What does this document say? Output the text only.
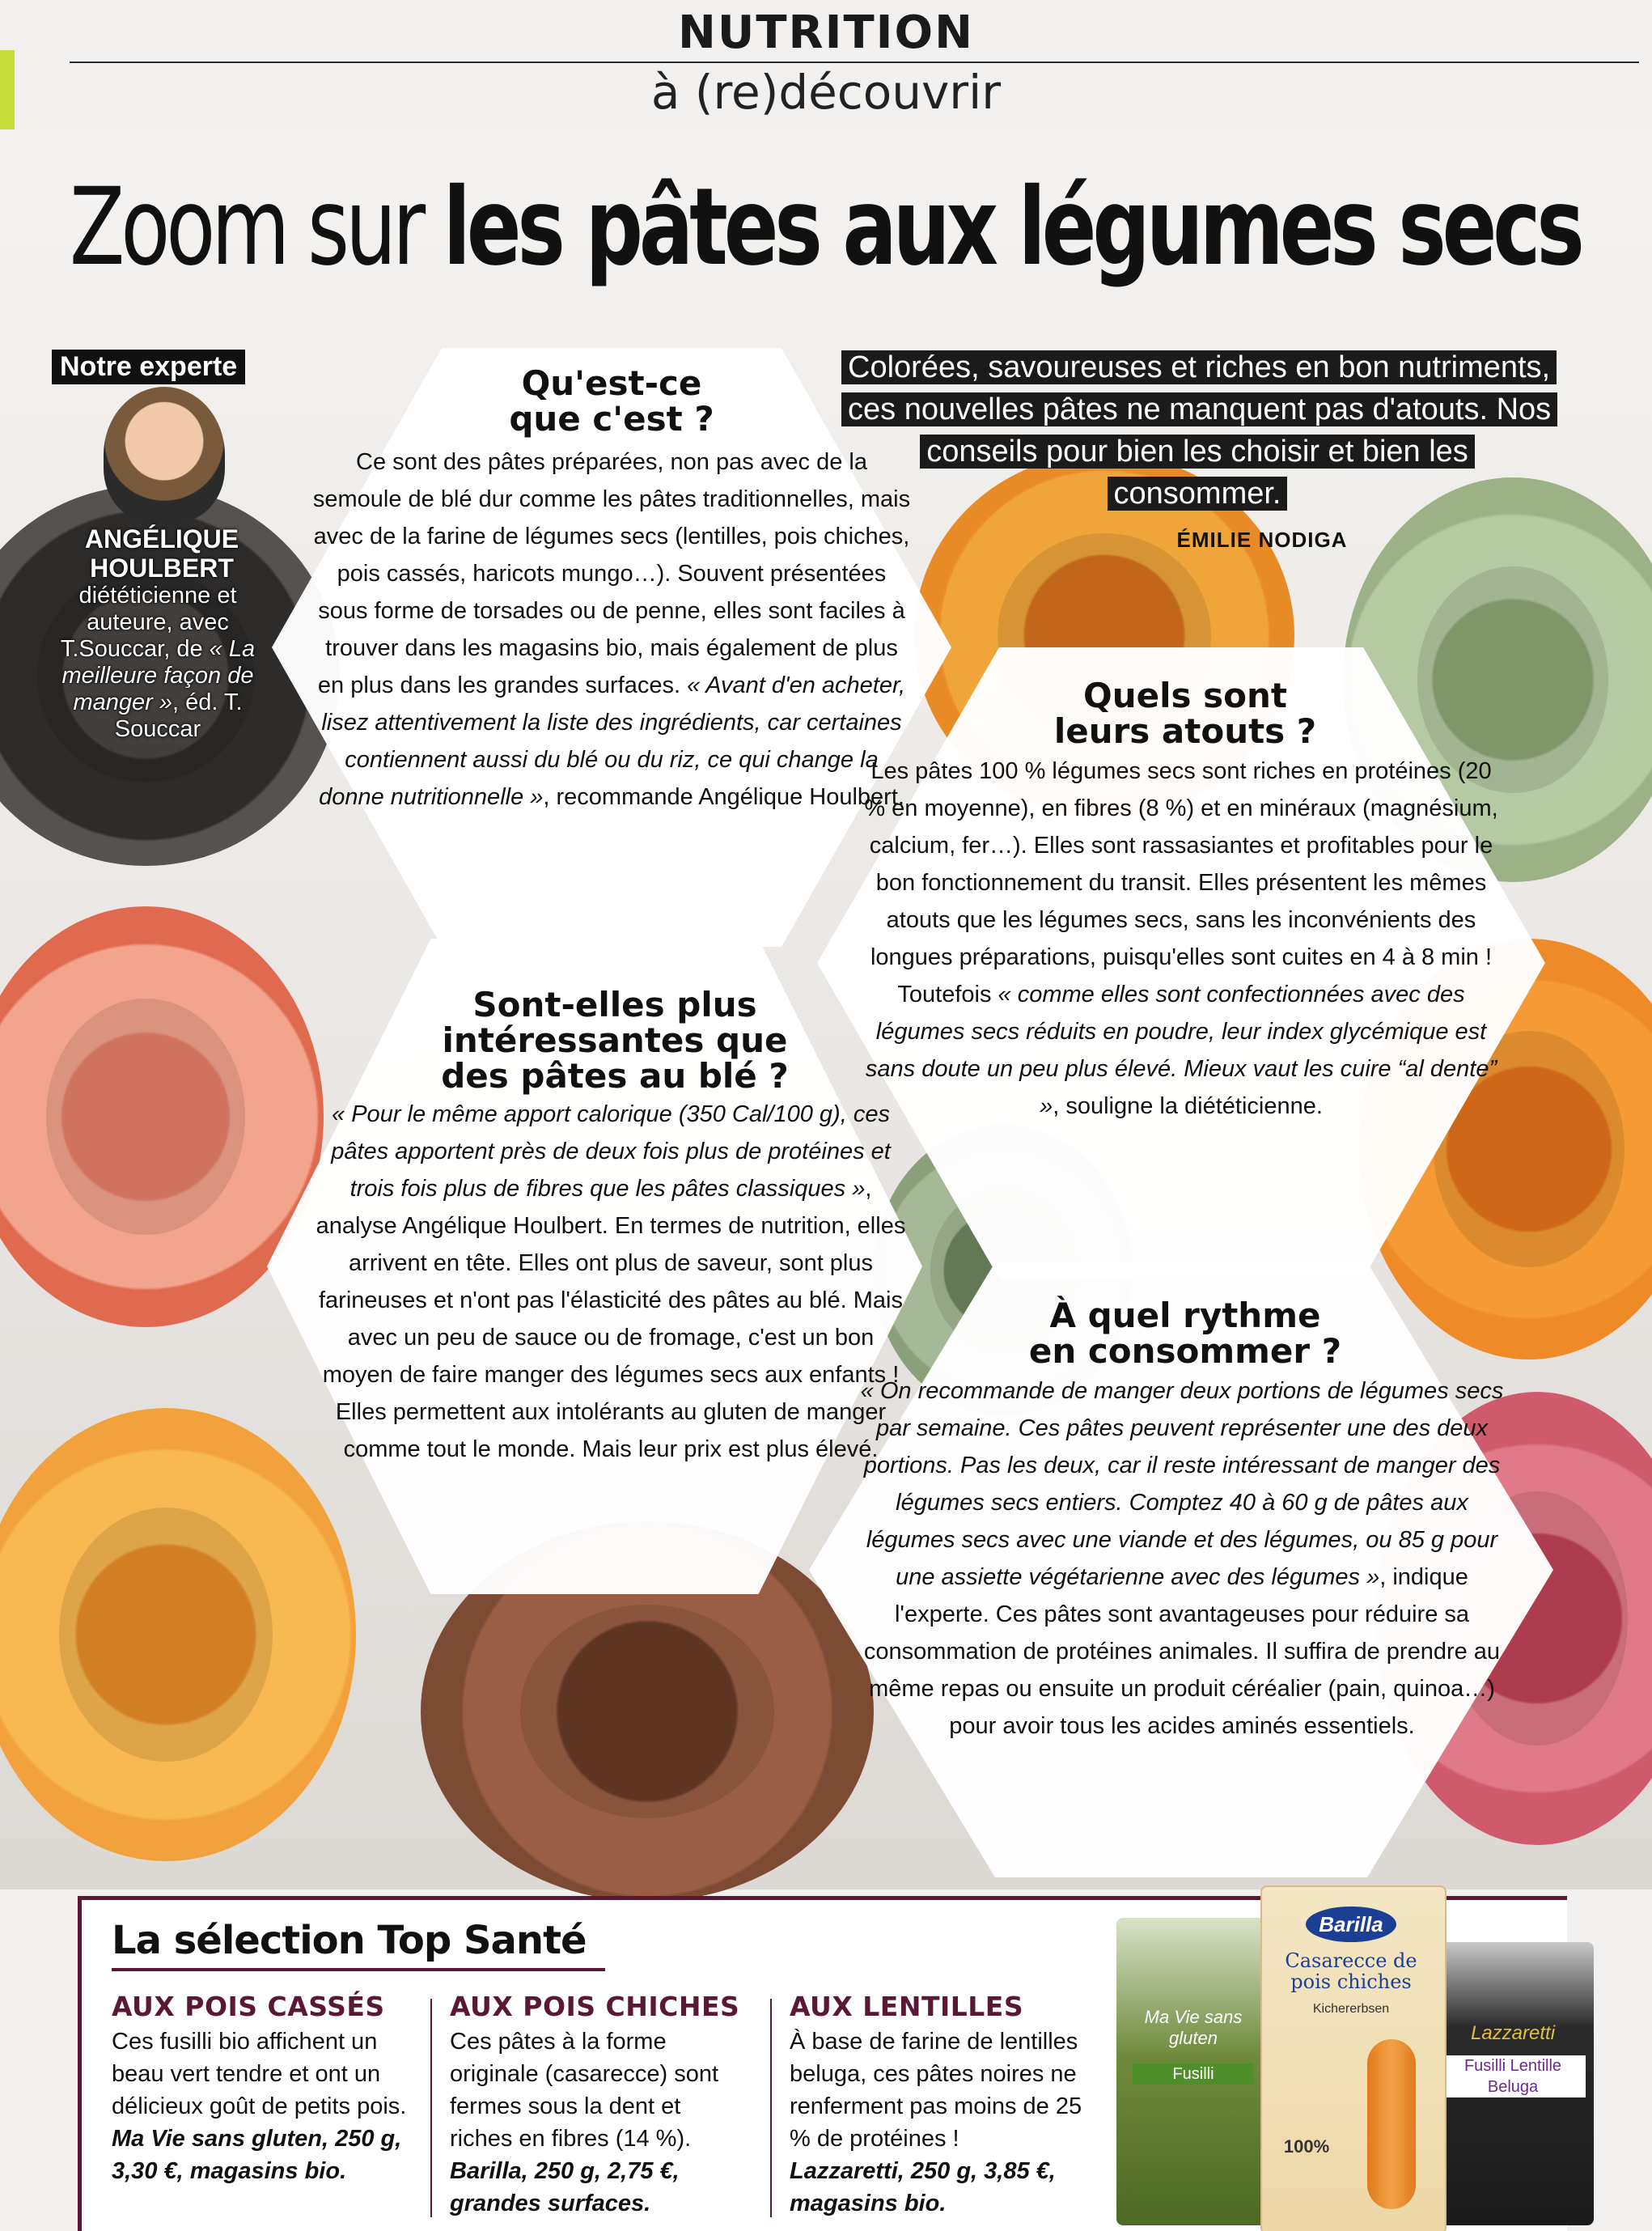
NUTRITION
à (re)découvrir
Zoom sur les pâtes aux légumes secs
Notre experte
ANGÉLIQUE
HOULBERT
diététicienne et auteure, avec T.Souccar, de « La meilleure façon de manger », éd. T. Souccar
Colorées, savoureuses et riches en bon nutriments, ces nouvelles pâtes ne manquent pas d'atouts. Nos conseils pour bien les choisir et bien les consommer.
ÉMILIE NODIGA
Qu'est-ce
que c'est ?
Ce sont des pâtes préparées, non pas avec de la semoule de blé dur comme les pâtes traditionnelles, mais avec de la farine de légumes secs (lentilles, pois chiches, pois cassés, haricots mungo…). Souvent présentées sous forme de torsades ou de penne, elles sont faciles à trouver dans les magasins bio, mais également de plus en plus dans les grandes surfaces. « Avant d'en acheter, lisez attentivement la liste des ingrédients, car certaines contiennent aussi du blé ou du riz, ce qui change la donne nutritionnelle », recommande Angélique Houlbert.
Sont-elles plus
intéressantes que
des pâtes au blé ?
« Pour le même apport calorique (350 Cal/100 g), ces pâtes apportent près de deux fois plus de protéines et trois fois plus de fibres que les pâtes classiques », analyse Angélique Houlbert. En termes de nutrition, elles arrivent en tête. Elles ont plus de saveur, sont plus farineuses et n'ont pas l'élasticité des pâtes au blé. Mais avec un peu de sauce ou de fromage, c'est un bon moyen de faire manger des légumes secs aux enfants ! Elles permettent aux intolérants au gluten de manger comme tout le monde. Mais leur prix est plus élevé.
Quels sont
leurs atouts ?
Les pâtes 100 % légumes secs sont riches en protéines (20 % en moyenne), en fibres (8 %) et en minéraux (magnésium, calcium, fer…). Elles sont rassasiantes et profitables pour le bon fonctionnement du transit. Elles présentent les mêmes atouts que les légumes secs, sans les inconvénients des longues préparations, puisqu'elles sont cuites en 4 à 8 min ! Toutefois « comme elles sont confectionnées avec des légumes secs réduits en poudre, leur index glycémique est sans doute un peu plus élevé. Mieux vaut les cuire “al dente” », souligne la diététicienne.
À quel rythme
en consommer ?
« On recommande de manger deux portions de légumes secs par semaine. Ces pâtes peuvent représenter une des deux portions. Pas les deux, car il reste intéressant de manger des légumes secs entiers. Comptez 40 à 60 g de pâtes aux légumes secs avec une viande et des légumes, ou 85 g pour une assiette végétarienne avec des légumes », indique l'experte. Ces pâtes sont avantageuses pour réduire sa consommation de protéines animales. Il suffira de prendre au même repas ou ensuite un produit céréalier (pain, quinoa…) pour avoir tous les acides aminés essentiels.
La sélection Top Santé
AUX POIS CASSÉS

Ces fusilli bio affichent un beau vert tendre et ont un délicieux goût de petits pois.
Ma Vie sans gluten, 250 g, 3,30 €, magasins bio.

AUX POIS CHICHES

Ces pâtes à la forme originale (casarecce) sont fermes sous la dent et riches en fibres (14 %).
Barilla, 250 g, 2,75 €, grandes surfaces.

AUX LENTILLES

À base de farine de lentilles beluga, ces pâtes noires ne renferment pas moins de 25 % de protéines !
Lazzaretti, 250 g, 3,85 €, magasins bio.

Ma Vie sans gluten
Fusilli
Lazzaretti
Fusilli Lentille Beluga
Barilla
Casarecce de pois chiches
Kichererbsen
100%
